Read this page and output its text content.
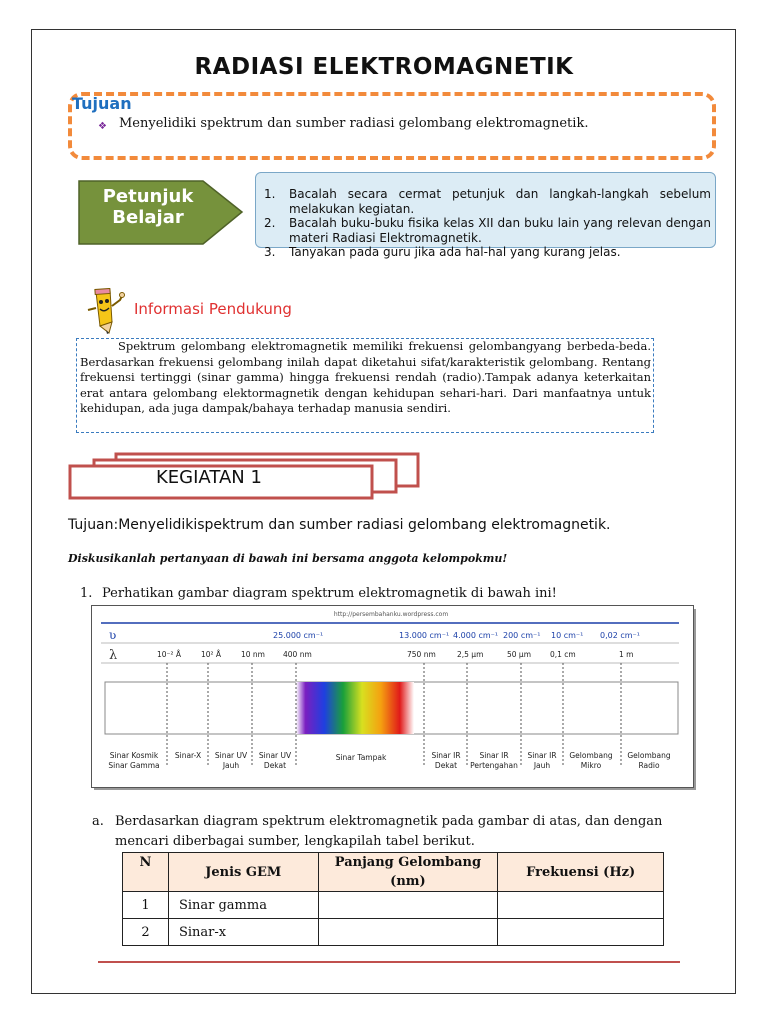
RADIASI ELEKTROMAGNETIK
Tujuan
❖ Menyelidiki spektrum dan sumber radiasi gelombang elektromagnetik.
Petunjuk
Belajar
1. Bacalah secara cermat petunjuk dan langkah-langkah sebelum melakukan kegiatan.
2. Bacalah buku-buku fisika kelas XII dan buku lain yang relevan dengan materi Radiasi Elektromagnetik.
3. Tanyakan pada guru jika ada hal-hal yang kurang jelas.
Informasi Pendukung

Spektrum gelombang elektromagnetik memiliki frekuensi gelombangyang berbeda-beda. Berdasarkan frekuensi gelombang inilah dapat diketahui sifat/karakteristik gelombang. Rentang frekuensi tertinggi (sinar gamma) hingga frekuensi rendah (radio).Tampak adanya keterkaitan erat antara gelombang elektormagnetik dengan kehidupan sehari-hari. Dari manfaatnya untuk kehidupan, ada juga dampak/bahaya terhadap manusia sendiri.

KEGIATAN 1
Tujuan:Menyelidikispektrum dan sumber radiasi gelombang elektromagnetik.
Diskusikanlah pertanyaan di bawah ini bersama anggota kelompokmu!
1. Perhatikan gambar diagram spektrum elektromagnetik di bawah ini!
http://persembahanku.wordpress.com
ʋ	25.000 cm⁻¹	13.000 cm⁻¹ 4.000 cm⁻¹ 200 cm⁻¹ 10 cm⁻¹ 0,02 cm⁻¹
λ	10⁻² Å	10² Å	10 nm 400 nm	750 nm	2,5 µm	50 µm	0,1 cm	1 m
Sinar Kosmik
Sinar Gamma
Sinar-X Sinar UV
Jauh
Sinar UV
Dekat
Sinar Tampak	Sinar IR
Dekat
Sinar IR
Pertengahan
Sinar IR
Jauh
Gelombang
Mikro
Gelombang
Radio
a. Berdasarkan diagram spektrum elektromagnetik pada gambar di atas, dan dengan mencari diberbagai sumber, lengkapilah tabel berikut.
N	Jenis GEM	Panjang Gelombang (nm)	Frekuensi (Hz)
1	Sinar gamma		
2	Sinar-x		
